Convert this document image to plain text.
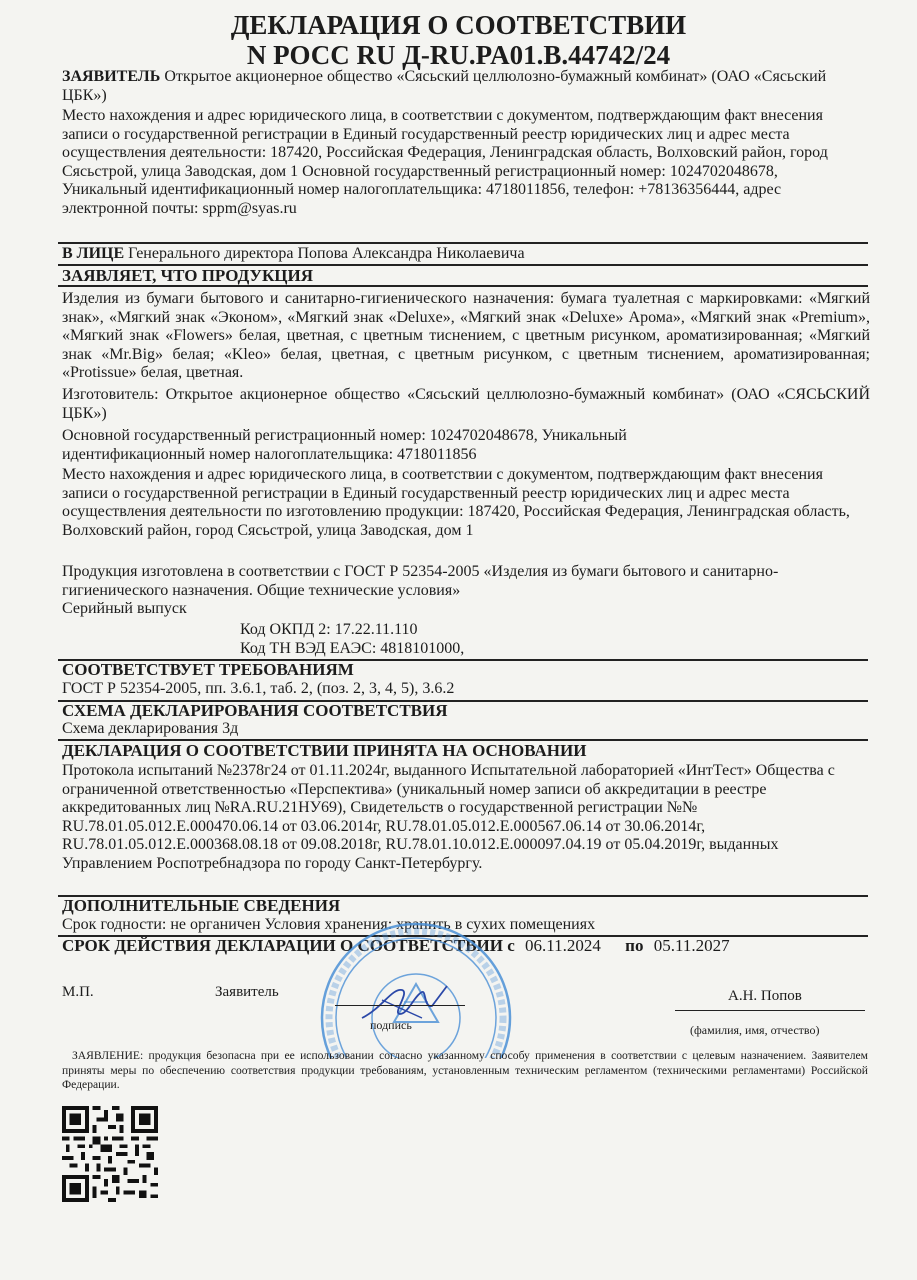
ДЕКЛАРАЦИЯ О СООТВЕТСТВИИ
N РОСС RU Д-RU.PA01.B.44742/24
ЗАЯВИТЕЛЬ Открытое акционерное общество «Сясьский целлюлозно-бумажный комбинат» (ОАО «Сясьский ЦБК»)
Место нахождения и адрес юридического лица, в соответствии с документом, подтверждающим факт внесения записи о государственной регистрации в Единый государственный реестр юридических лиц и адрес места осуществления деятельности: 187420, Российская Федерация, Ленинградская область, Волховский район, город Сясьстрой, улица Заводская, дом 1 Основной государственный регистрационный номер: 1024702048678, Уникальный идентификационный номер налогоплательщика: 4718011856, телефон: +78136356444, адрес электронной почты: sppm@syas.ru
В ЛИЦЕ Генерального директора Попова Александра Николаевича
ЗАЯВЛЯЕТ, ЧТО ПРОДУКЦИЯ
Изделия из бумаги бытового и санитарно-гигиенического назначения: бумага туалетная с маркировками: «Мягкий знак», «Мягкий знак «Эконом», «Мягкий знак «Deluxe», «Мягкий знак «Deluxe» Арома», «Мягкий знак «Premium», «Мягкий знак «Flowers» белая, цветная, с цветным тиснением, с цветным рисунком, ароматизированная; «Мягкий знак «Mr.Big» белая; «Kleo» белая, цветная, с цветным рисунком, с цветным тиснением, ароматизированная; «Protissue» белая, цветная.
Изготовитель: Открытое акционерное общество «Сясьский целлюлозно-бумажный комбинат» (ОАО «СЯСЬСКИЙ ЦБК»)
Основной государственный регистрационный номер: 1024702048678, Уникальный идентификационный номер налогоплательщика: 4718011856
Место нахождения и адрес юридического лица, в соответствии с документом, подтверждающим факт внесения записи о государственной регистрации в Единый государственный реестр юридических лиц и адрес места осуществления деятельности по изготовлению продукции: 187420, Российская Федерация, Ленинградская область, Волховский район, город Сясьстрой, улица Заводская, дом 1
Продукция изготовлена в соответствии с ГОСТ Р 52354-2005 «Изделия из бумаги бытового и санитарно-гигиенического назначения. Общие технические условия»
Серийный выпуск
Код ОКПД 2: 17.22.11.110
Код ТН ВЭД ЕАЭС: 4818101000,
СООТВЕТСТВУЕТ ТРЕБОВАНИЯМ
ГОСТ Р 52354-2005, пп. 3.6.1, таб. 2, (поз. 2, 3, 4, 5), 3.6.2
СХЕМА ДЕКЛАРИРОВАНИЯ СООТВЕТСТВИЯ
Схема декларирования 3д
ДЕКЛАРАЦИЯ О СООТВЕТСТВИИ ПРИНЯТА НА ОСНОВАНИИ
Протокола испытаний №2378г24 от 01.11.2024г, выданного Испытательной лабораторией «ИнтТест» Общества с ограниченной ответственностью «Перспектива» (уникальный номер записи об аккредитации в реестре аккредитованных лиц №RA.RU.21НУ69), Свидетельств о государственной регистрации №№ RU.78.01.05.012.Е.000470.06.14 от 03.06.2014г, RU.78.01.05.012.Е.000567.06.14 от 30.06.2014г, RU.78.01.05.012.Е.000368.08.18 от 09.08.2018г, RU.78.01.10.012.Е.000097.04.19 от 05.04.2019г, выданных Управлением Роспотребнадзора по городу Санкт-Петербургу.
ДОПОЛНИТЕЛЬНЫЕ СВЕДЕНИЯ
Срок годности: не органичен Условия хранения: хранить в сухих помещениях
СРОК ДЕЙСТВИЯ ДЕКЛАРАЦИИ О СООТВЕТСТВИИ с 06.11.2024 по 05.11.2027
М.П.	Заявитель
подпись
А.Н. Попов
(фамилия, имя, отчество)
ЗАЯВЛЕНИЕ: продукция безопасна при ее использовании согласно указанному способу применения в соответствии с целевым назначением. Заявителем приняты меры по обеспечению соответствия продукции требованиям, установленным техническим регламентом (техническими регламентами) Российской Федерации.
